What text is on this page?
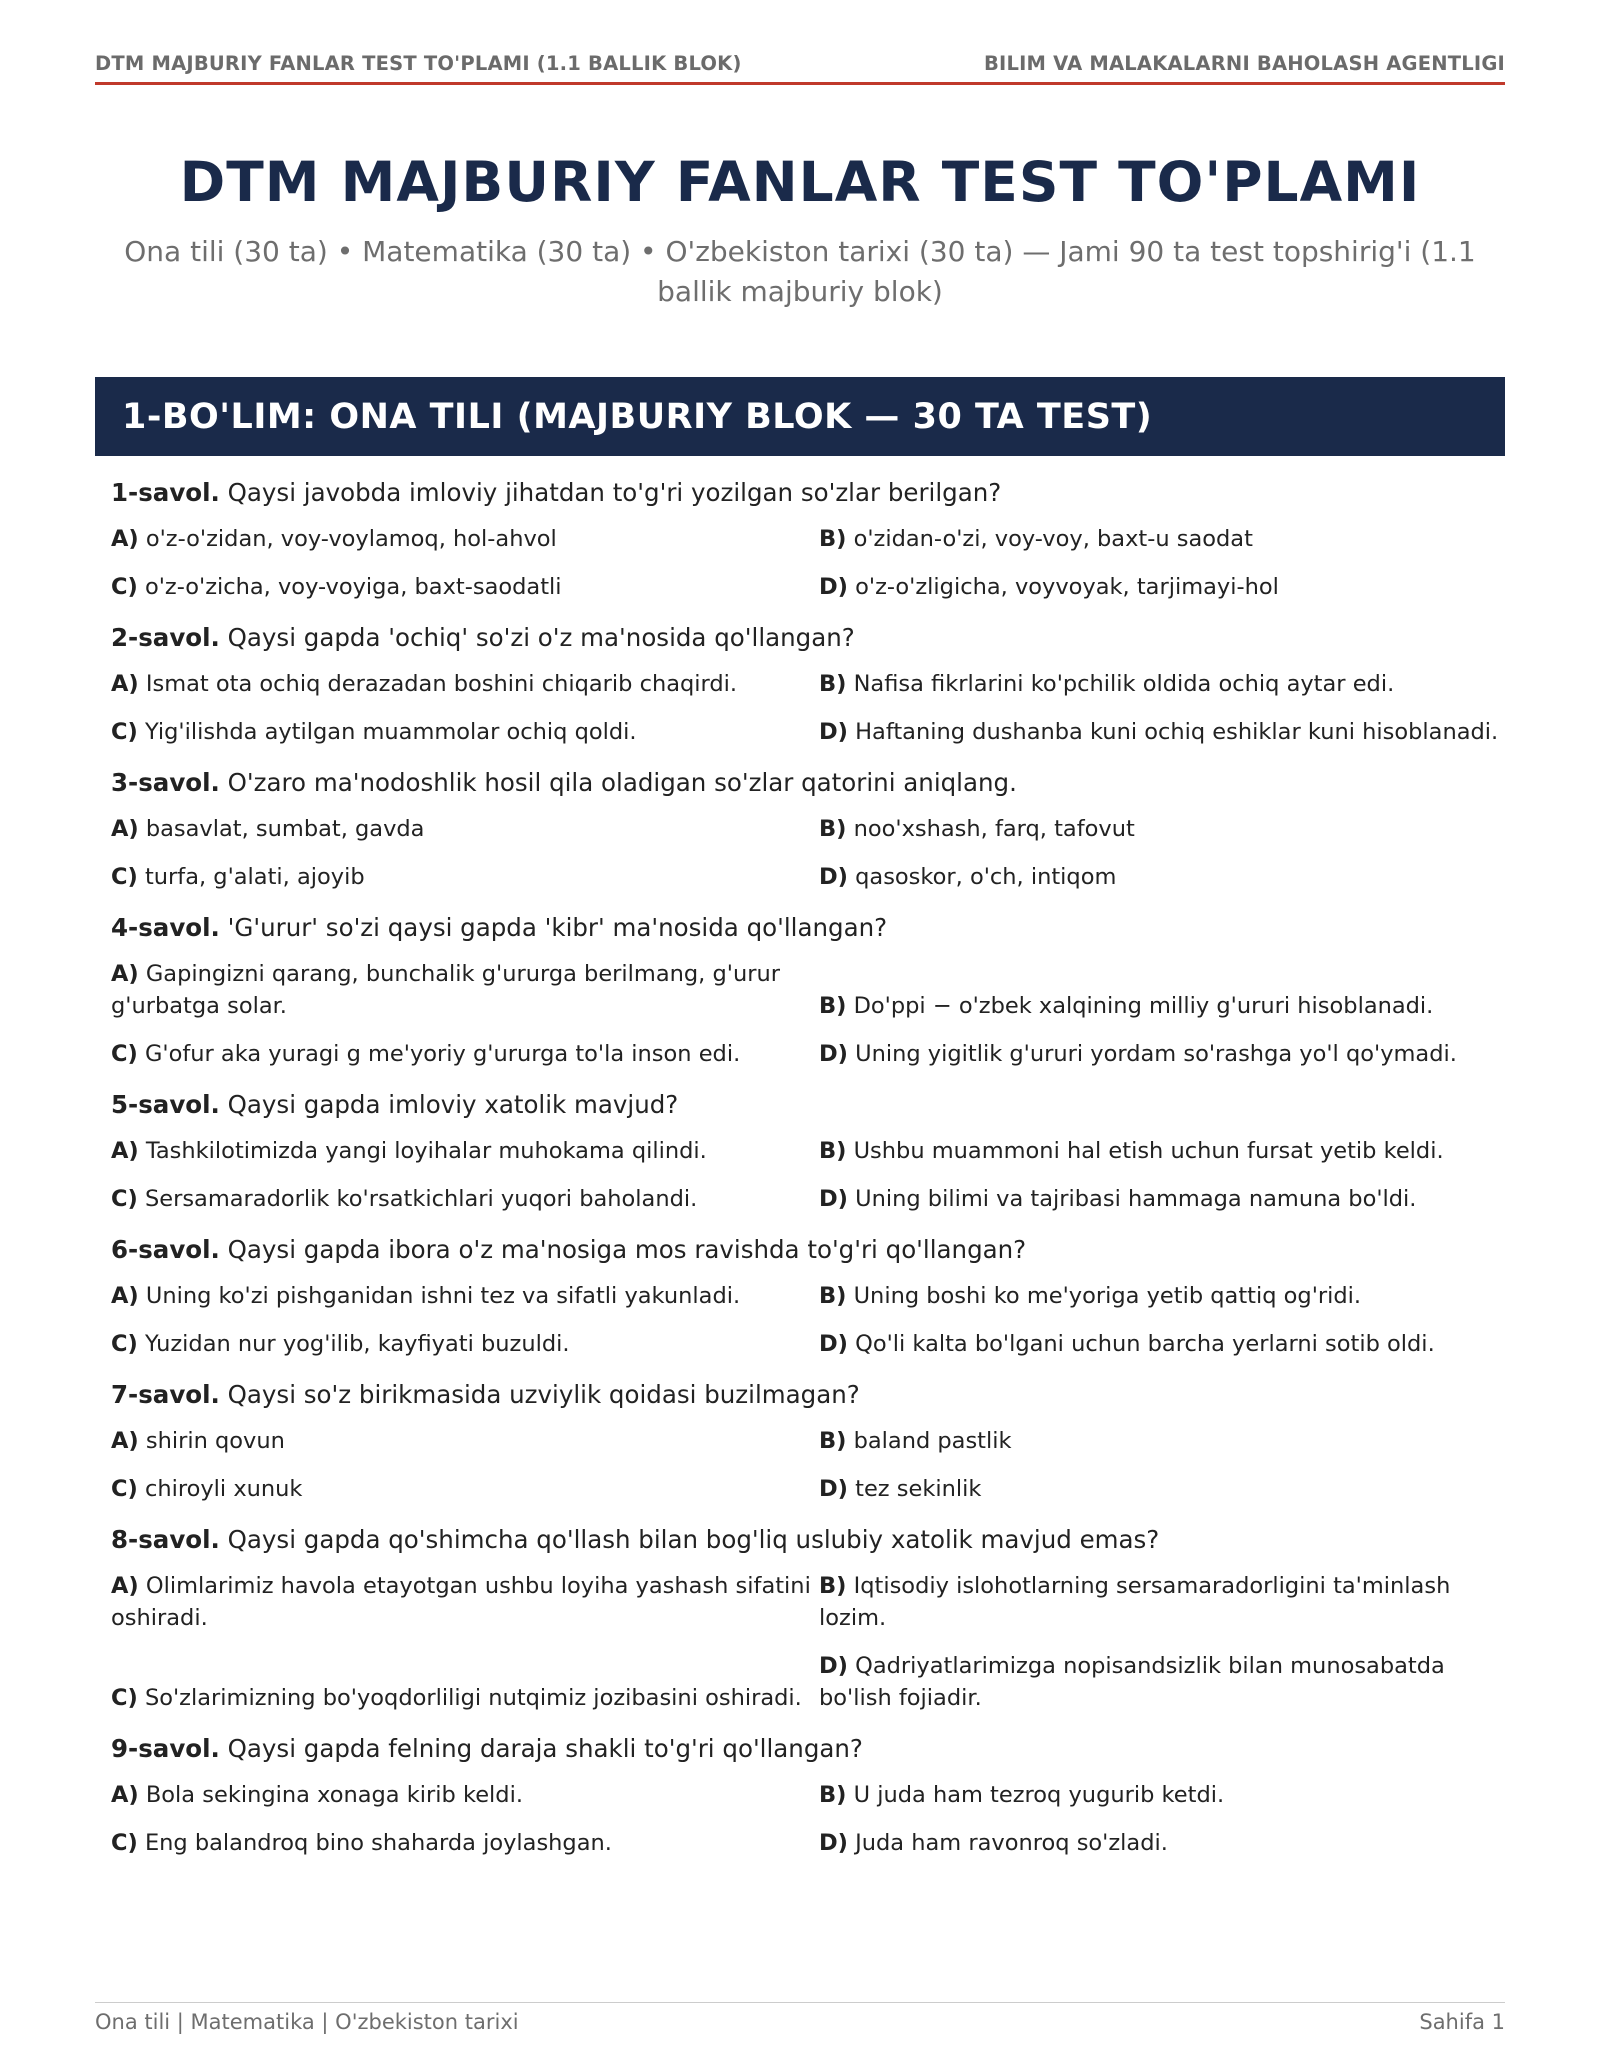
DTM MAJBURIY FANLAR TEST TO'PLAMI (1.1 BALLIK BLOK)	BILIM VA MALAKALARNI BAHOLASH AGENTLIGI
DTM MAJBURIY FANLAR TEST TO'PLAMI
Ona tili (30 ta) • Matematika (30 ta) • O'zbekiston tarixi (30 ta) — Jami 90 ta test topshirig'i (1.1 ballik majburiy blok)
1-BO'LIM: ONA TILI (MAJBURIY BLOK — 30 TA TEST)
1-savol. Qaysi javobda imloviy jihatdan to'g'ri yozilgan so'zlar berilgan?
A) o'z-o'zidan, voy-voylamoq, hol-ahvol	B) o'zidan-o'zi, voy-voy, baxt-u saodat
C) o'z-o'zicha, voy-voyiga, baxt-saodatli	D) o'z-o'zligicha, voyvoyak, tarjimayi-hol
2-savol. Qaysi gapda 'ochiq' so'zi o'z ma'nosida qo'llangan?
A) Ismat ota ochiq derazadan boshini chiqarib chaqirdi.	B) Nafisa fikrlarini ko'pchilik oldida ochiq aytar edi.
C) Yig'ilishda aytilgan muammolar ochiq qoldi.	D) Haftaning dushanba kuni ochiq eshiklar kuni hisoblanadi.
3-savol. O'zaro ma'nodoshlik hosil qila oladigan so'zlar qatorini aniqlang.
A) basavlat, sumbat, gavda	B) noo'xshash, farq, tafovut
C) turfa, g'alati, ajoyib	D) qasoskor, o'ch, intiqom
4-savol. 'G'urur' so'zi qaysi gapda 'kibr' ma'nosida qo'llangan?
A) Gapingizni qarang, bunchalik g'ururga berilmang, g'urur g'urbatga solar.	B) Do'ppi − o'zbek xalqining milliy g'ururi hisoblanadi.
C) G'ofur aka yuragi g me'yoriy g'ururga to'la inson edi.	D) Uning yigitlik g'ururi yordam so'rashga yo'l qo'ymadi.
5-savol. Qaysi gapda imloviy xatolik mavjud?
A) Tashkilotimizda yangi loyihalar muhokama qilindi.	B) Ushbu muammoni hal etish uchun fursat yetib keldi.
C) Sersamaradorlik ko'rsatkichlari yuqori baholandi.	D) Uning bilimi va tajribasi hammaga namuna bo'ldi.
6-savol. Qaysi gapda ibora o'z ma'nosiga mos ravishda to'g'ri qo'llangan?
A) Uning ko'zi pishganidan ishni tez va sifatli yakunladi.	B) Uning boshi ko me'yoriga yetib qattiq og'ridi.
C) Yuzidan nur yog'ilib, kayfiyati buzuldi.	D) Qo'li kalta bo'lgani uchun barcha yerlarni sotib oldi.
7-savol. Qaysi so'z birikmasida uzviylik qoidasi buzilmagan?
A) shirin qovun	B) baland pastlik
C) chiroyli xunuk	D) tez sekinlik
8-savol. Qaysi gapda qo'shimcha qo'llash bilan bog'liq uslubiy xatolik mavjud emas?
A) Olimlarimiz havola etayotgan ushbu loyiha yashash sifatini oshiradi.
B) Iqtisodiy islohotlarning sersamaradorligini ta'minlash lozim.
C) So'zlarimizning bo'yoqdorliligi nutqimiz jozibasini oshiradi.
D) Qadriyatlarimizga nopisandsizlik bilan munosabatda bo'lish fojiadir.
9-savol. Qaysi gapda felning daraja shakli to'g'ri qo'llangan?
A) Bola sekingina xonaga kirib keldi.	B) U juda ham tezroq yugurib ketdi.
C) Eng balandroq bino shaharda joylashgan.	D) Juda ham ravonroq so'zladi.
Ona tili | Matematika | O'zbekiston tarixi	Sahifa 1
